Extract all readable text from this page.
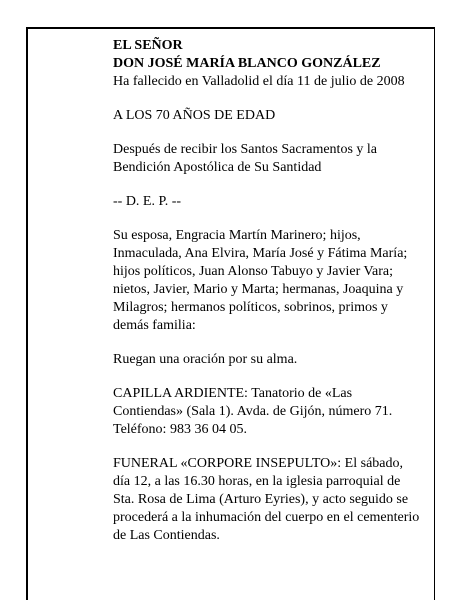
EL SEÑOR

DON JOSÉ MARÍA BLANCO GONZÁLEZ

Ha fallecido en Valladolid el día 11 de julio de 2008

A LOS 70 AÑOS DE EDAD

Después de recibir los Santos Sacramentos y la Bendición Apostólica de Su Santidad

-- D. E. P. --

Su esposa, Engracia Martín Marinero; hijos, Inmaculada, Ana Elvira, María José y Fátima María; hijos políticos, Juan Alonso Tabuyo y Javier Vara; nietos, Javier, Mario y Marta; hermanas, Joaquina y Milagros; hermanos políticos, sobrinos, primos y demás familia:

Ruegan una oración por su alma.

CAPILLA ARDIENTE: Tanatorio de «Las Contiendas» (Sala 1). Avda. de Gijón, número 71. Teléfono: 983 36 04 05.

FUNERAL «CORPORE INSEPULTO»: El sábado, día 12, a las 16.30 horas, en la iglesia parroquial de Sta. Rosa de Lima (Arturo Eyries), y acto seguido se procederá a la inhumación del cuerpo en el cementerio de Las Contiendas.
